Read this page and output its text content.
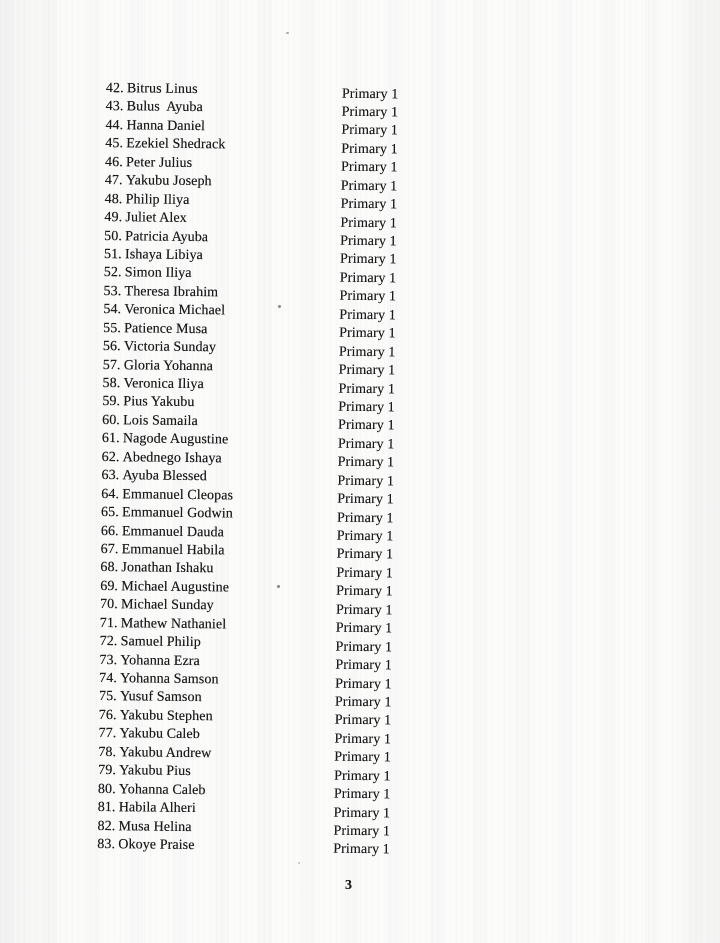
42. Bitrus Linus	Primary 1
43. Bulus  Ayuba	Primary 1
44. Hanna Daniel	Primary 1
45. Ezekiel Shedrack	Primary 1
46. Peter Julius	Primary 1
47. Yakubu Joseph	Primary 1
48. Philip Iliya	Primary 1
49. Juliet Alex	Primary 1
50. Patricia Ayuba	Primary 1
51. Ishaya Libiya	Primary 1
52. Simon Iliya	Primary 1
53. Theresa Ibrahim	Primary 1
54. Veronica Michael	Primary 1
55. Patience Musa	Primary 1
56. Victoria Sunday	Primary 1
57. Gloria Yohanna	Primary 1
58. Veronica Iliya	Primary 1
59. Pius Yakubu	Primary 1
60. Lois Samaila	Primary 1
61. Nagode Augustine	Primary 1
62. Abednego Ishaya	Primary 1
63. Ayuba Blessed	Primary 1
64. Emmanuel Cleopas	Primary 1
65. Emmanuel Godwin	Primary 1
66. Emmanuel Dauda	Primary 1
67. Emmanuel Habila	Primary 1
68. Jonathan Ishaku	Primary 1
69. Michael Augustine	Primary 1
70. Michael Sunday	Primary 1
71. Mathew Nathaniel	Primary 1
72. Samuel Philip	Primary 1
73. Yohanna Ezra	Primary 1
74. Yohanna Samson	Primary 1
75. Yusuf Samson	Primary 1
76. Yakubu Stephen	Primary 1
77. Yakubu Caleb	Primary 1
78. Yakubu Andrew	Primary 1
79. Yakubu Pius	Primary 1
80. Yohanna Caleb	Primary 1
81. Habila Alheri	Primary 1
82. Musa Helina	Primary 1
83. Okoye Praise	Primary 1
3
